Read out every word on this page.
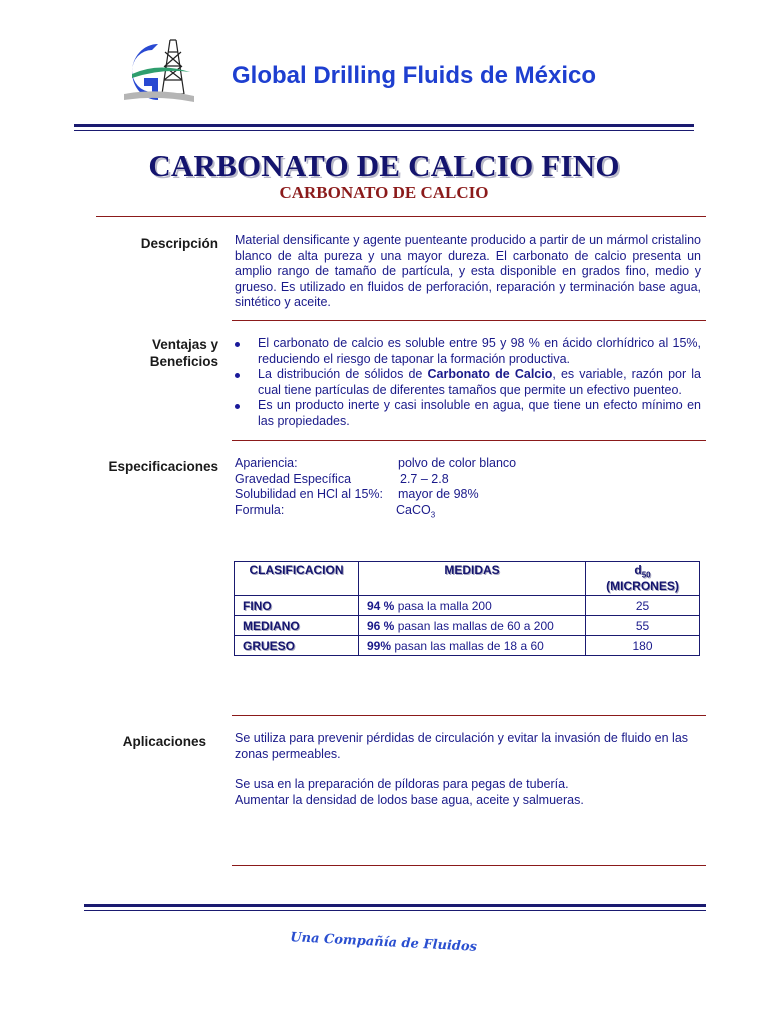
Global Drilling Fluids de México
CARBONATO DE CALCIO FINO
CARBONATO DE CALCIO
Descripción Material densificante y agente puenteante producido a partir de un mármol cristalino blanco de alta pureza y una mayor dureza. El carbonato de calcio presenta un amplio rango de tamaño de partícula, y esta disponible en grados fino, medio y grueso. Es utilizado en fluidos de perforación, reparación y terminación base agua, sintético y aceite.
Ventajas y
Beneficios
El carbonato de calcio es soluble entre 95 y 98 % en ácido clorhídrico al 15%, reduciendo el riesgo de taponar la formación productiva.
La distribución de sólidos de Carbonato de Calcio, es variable, razón por la cual tiene partículas de diferentes tamaños que permite un efectivo puenteo.
Es un producto inerte y casi insoluble en agua, que tiene un efecto mínimo en las propiedades.
Especificaciones Apariencia:	polvo de color blanco
Gravedad Específica	2.7 – 2.8
Solubilidad en HCl al 15%: mayor de 98%
Formula:	CaCO$_3$
CLASIFICACION	MEDIDAS	$d_{50}$
(MICRONES)
FINO	94 % pasa la malla 200	25
MEDIANO	96 % pasan las mallas de 60 a 200	55
GRUESO	99% pasan las mallas de 18 a 60	180
Aplicaciones Se utiliza para prevenir pérdidas de circulación y evitar la invasión de fluido en las zonas permeables.
Se usa en la preparación de píldoras para pegas de tubería.
Aumentar la densidad de lodos base agua, aceite y salmueras.
Una Compañía de Fluidos
